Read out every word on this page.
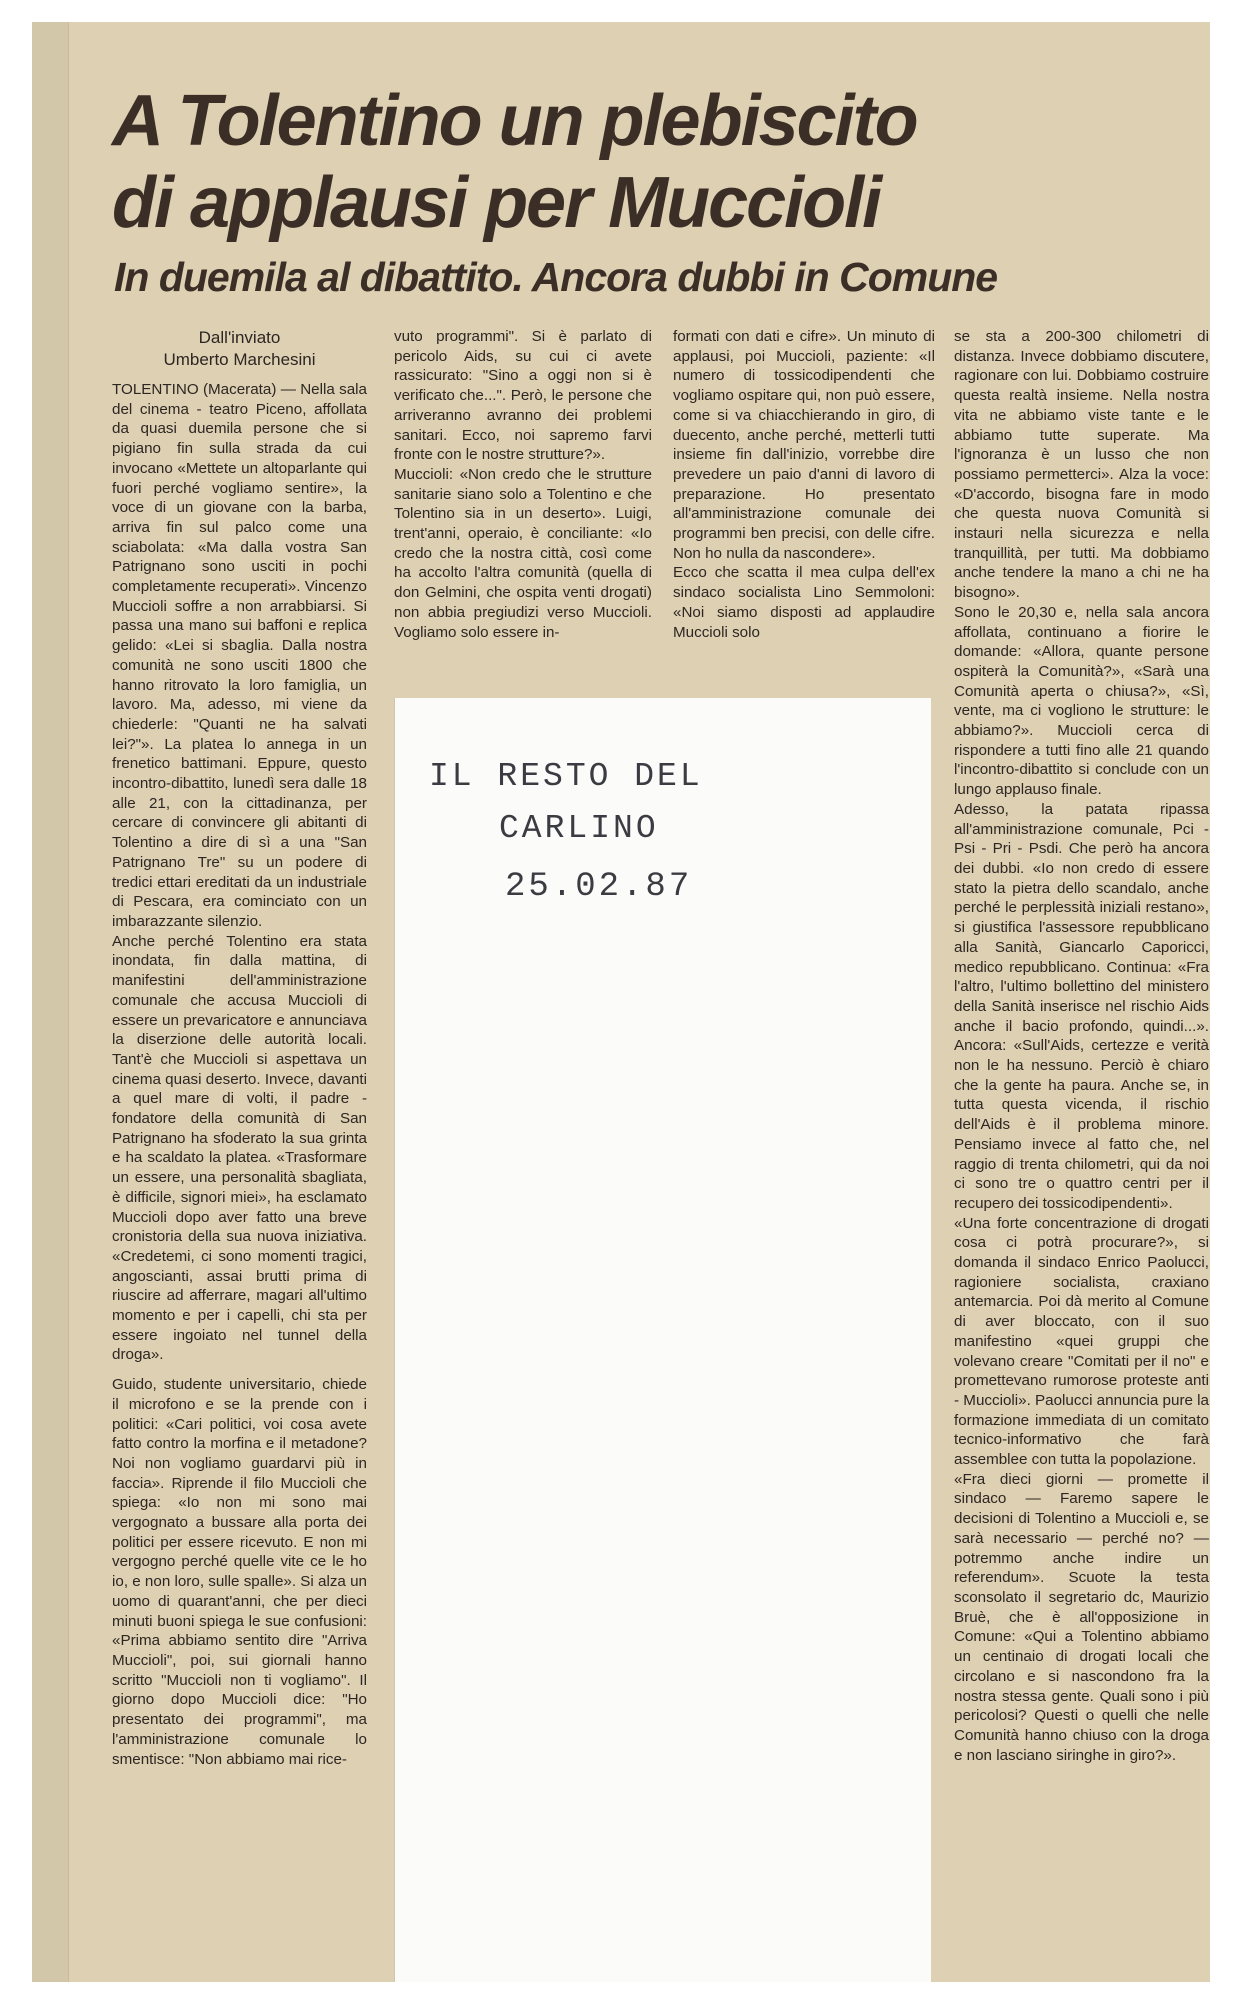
A Tolentino un plebiscito
di applausi per Muccioli
In duemila al dibattito. Ancora dubbi in Comune
Dall'inviato
Umberto Marchesini

TOLENTINO (Macerata) — Nella sala del cinema - teatro Piceno, affollata da quasi duemila persone che si pigiano fin sulla strada da cui invocano «Mettete un altoparlante qui fuori perché vogliamo sentire», la voce di un giovane con la barba, arriva fin sul palco come una sciabolata: «Ma dalla vostra San Patrignano sono usciti in pochi completamente recuperati». Vincenzo Muccioli soffre a non arrabbiarsi. Si passa una mano sui baffoni e replica gelido: «Lei si sbaglia. Dalla nostra comunità ne sono usciti 1800 che hanno ritrovato la loro famiglia, un lavoro. Ma, adesso, mi viene da chiederle: "Quanti ne ha salvati lei?"». La platea lo annega in un frenetico battimani. Eppure, questo incontro-dibattito, lunedì sera dalle 18 alle 21, con la cittadinanza, per cercare di convincere gli abitanti di Tolentino a dire di sì a una "San Patrignano Tre" su un podere di tredici ettari ereditati da un industriale di Pescara, era cominciato con un imbarazzante silenzio.

Anche perché Tolentino era stata inondata, fin dalla mattina, di manifestini dell'amministrazione comunale che accusa Muccioli di essere un prevaricatore e annunciava la diserzione delle autorità locali. Tant'è che Muccioli si aspettava un cinema quasi deserto. Invece, davanti a quel mare di volti, il padre - fondatore della comunità di San Patrignano ha sfoderato la sua grinta e ha scaldato la platea. «Trasformare un essere, una personalità sbagliata, è difficile, signori miei», ha esclamato Muccioli dopo aver fatto una breve cronistoria della sua nuova iniziativa. «Credetemi, ci sono momenti tragici, angoscianti, assai brutti prima di riuscire ad afferrare, magari all'ultimo momento e per i capelli, chi sta per essere ingoiato nel tunnel della droga».

Guido, studente universitario, chiede il microfono e se la prende con i politici: «Cari politici, voi cosa avete fatto contro la morfina e il metadone? Noi non vogliamo guardarvi più in faccia». Riprende il filo Muccioli che spiega: «Io non mi sono mai vergognato a bussare alla porta dei politici per essere ricevuto. E non mi vergogno perché quelle vite ce le ho io, e non loro, sulle spalle». Si alza un uomo di quarant'anni, che per dieci minuti buoni spiega le sue confusioni: «Prima abbiamo sentito dire "Arriva Muccioli", poi, sui giornali hanno scritto "Muccioli non ti vogliamo". Il giorno dopo Muccioli dice: "Ho presentato dei programmi", ma l'amministrazione comunale lo smentisce: "Non abbiamo mai rice-

vuto programmi". Si è parlato di pericolo Aids, su cui ci avete rassicurato: "Sino a oggi non si è verificato che...". Però, le persone che arriveranno avranno dei problemi sanitari. Ecco, noi sapremo farvi fronte con le nostre strutture?».

Muccioli: «Non credo che le strutture sanitarie siano solo a Tolentino e che Tolentino sia in un deserto». Luigi, trent'anni, operaio, è conciliante: «Io credo che la nostra città, così come ha accolto l'altra comunità (quella di don Gelmini, che ospita venti drogati) non abbia pregiudizi verso Muccioli. Vogliamo solo essere in-

formati con dati e cifre». Un minuto di applausi, poi Muccioli, paziente: «Il numero di tossicodipendenti che vogliamo ospitare qui, non può essere, come si va chiacchierando in giro, di duecento, anche perché, metterli tutti insieme fin dall'inizio, vorrebbe dire prevedere un paio d'anni di lavoro di preparazione. Ho presentato all'amministrazione comunale dei programmi ben precisi, con delle cifre. Non ho nulla da nascondere».

Ecco che scatta il mea culpa dell'ex sindaco socialista Lino Semmoloni: «Noi siamo disposti ad applaudire Muccioli solo

se sta a 200-300 chilometri di distanza. Invece dobbiamo discutere, ragionare con lui. Dobbiamo costruire questa realtà insieme. Nella nostra vita ne abbiamo viste tante e le abbiamo tutte superate. Ma l'ignoranza è un lusso che non possiamo permetterci». Alza la voce: «D'accordo, bisogna fare in modo che questa nuova Comunità si instauri nella sicurezza e nella tranquillità, per tutti. Ma dobbiamo anche tendere la mano a chi ne ha bisogno».

Sono le 20,30 e, nella sala ancora affollata, continuano a fiorire le domande: «Allora, quante persone ospiterà la Comunità?», «Sarà una Comunità aperta o chiusa?», «Sì, vente, ma ci vogliono le strutture: le abbiamo?». Muccioli cerca di rispondere a tutti fino alle 21 quando l'incontro-dibattito si conclude con un lungo applauso finale.

Adesso, la patata ripassa all'amministrazione comunale, Pci - Psi - Pri - Psdi. Che però ha ancora dei dubbi. «Io non credo di essere stato la pietra dello scandalo, anche perché le perplessità iniziali restano», si giustifica l'assessore repubblicano alla Sanità, Giancarlo Caporicci, medico repubblicano. Continua: «Fra l'altro, l'ultimo bollettino del ministero della Sanità inserisce nel rischio Aids anche il bacio profondo, quindi...». Ancora: «Sull'Aids, certezze e verità non le ha nessuno. Perciò è chiaro che la gente ha paura. Anche se, in tutta questa vicenda, il rischio dell'Aids è il problema minore. Pensiamo invece al fatto che, nel raggio di trenta chilometri, qui da noi ci sono tre o quattro centri per il recupero dei tossicodipendenti».

«Una forte concentrazione di drogati cosa ci potrà procurare?», si domanda il sindaco Enrico Paolucci, ragioniere socialista, craxiano antemarcia. Poi dà merito al Comune di aver bloccato, con il suo manifestino «quei gruppi che volevano creare "Comitati per il no" e promettevano rumorose proteste anti - Muccioli». Paolucci annuncia pure la formazione immediata di un comitato tecnico-informativo che farà assemblee con tutta la popolazione.

«Fra dieci giorni — promette il sindaco — Faremo sapere le decisioni di Tolentino a Muccioli e, se sarà necessario — perché no? — potremmo anche indire un referendum». Scuote la testa sconsolato il segretario dc, Maurizio Bruè, che è all'opposizione in Comune: «Qui a Tolentino abbiamo un centinaio di drogati locali che circolano e si nascondono fra la nostra stessa gente. Quali sono i più pericolosi? Questi o quelli che nelle Comunità hanno chiuso con la droga e non lasciano siringhe in giro?».

IL RESTO DEL
CARLINO
25.02.87
